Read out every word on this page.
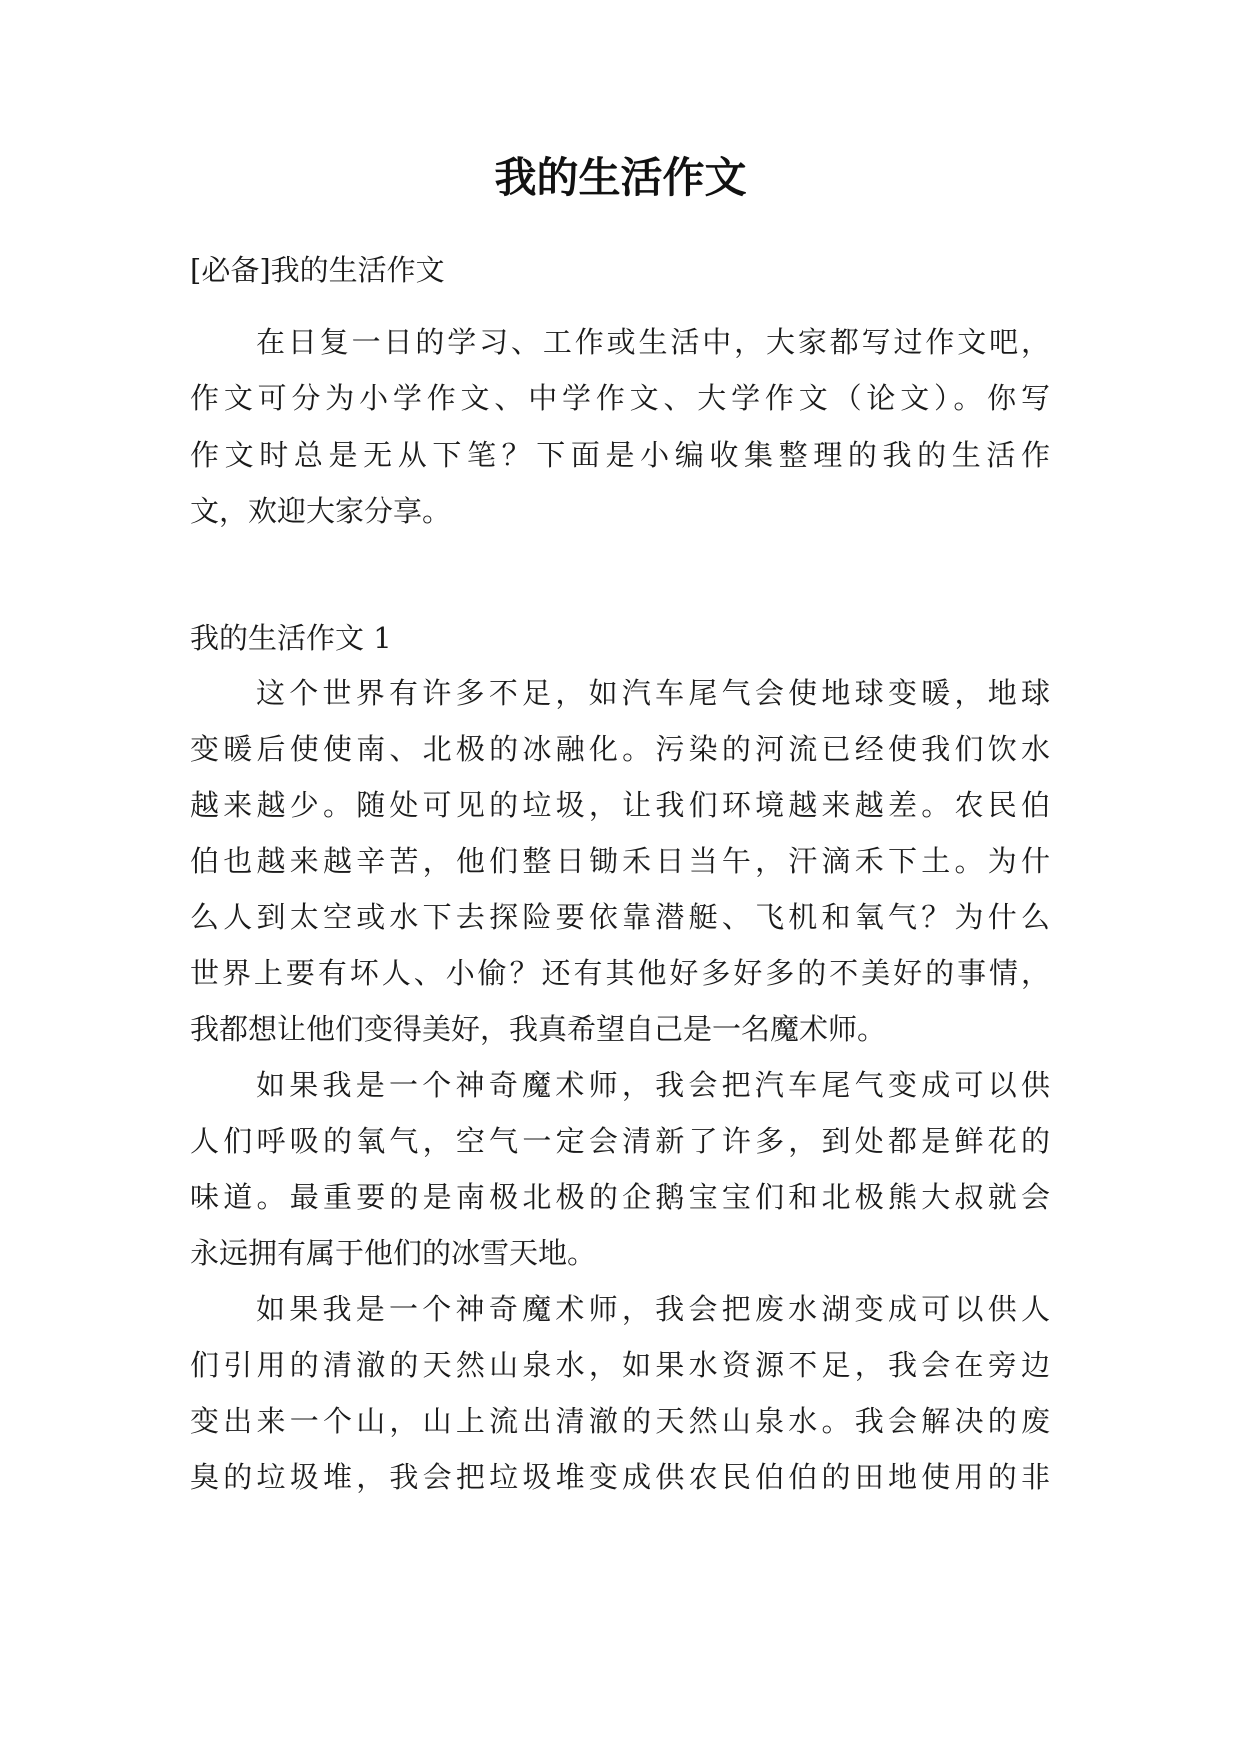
我的生活作文
[必备]我的生活作文
在日复一日的学习、工作或生活中，大家都写过作文吧，
作文可分为小学作文、中学作文、大学作文（论文）。你写
作文时总是无从下笔？下面是小编收集整理的我的生活作
文，欢迎大家分享。
我的生活作文 1
这个世界有许多不足，如汽车尾气会使地球变暖，地球
变暖后使使南、北极的冰融化。污染的河流已经使我们饮水
越来越少。随处可见的垃圾，让我们环境越来越差。农民伯
伯也越来越辛苦，他们整日锄禾日当午，汗滴禾下土。为什
么人到太空或水下去探险要依靠潜艇、飞机和氧气？为什么
世界上要有坏人、小偷？还有其他好多好多的不美好的事情，
我都想让他们变得美好，我真希望自己是一名魔术师。
如果我是一个神奇魔术师，我会把汽车尾气变成可以供
人们呼吸的氧气，空气一定会清新了许多，到处都是鲜花的
味道。最重要的是南极北极的企鹅宝宝们和北极熊大叔就会
永远拥有属于他们的冰雪天地。
如果我是一个神奇魔术师，我会把废水湖变成可以供人
们引用的清澈的天然山泉水，如果水资源不足，我会在旁边
变出来一个山，山上流出清澈的天然山泉水。我会解决的废
臭的垃圾堆，我会把垃圾堆变成供农民伯伯的田地使用的非
